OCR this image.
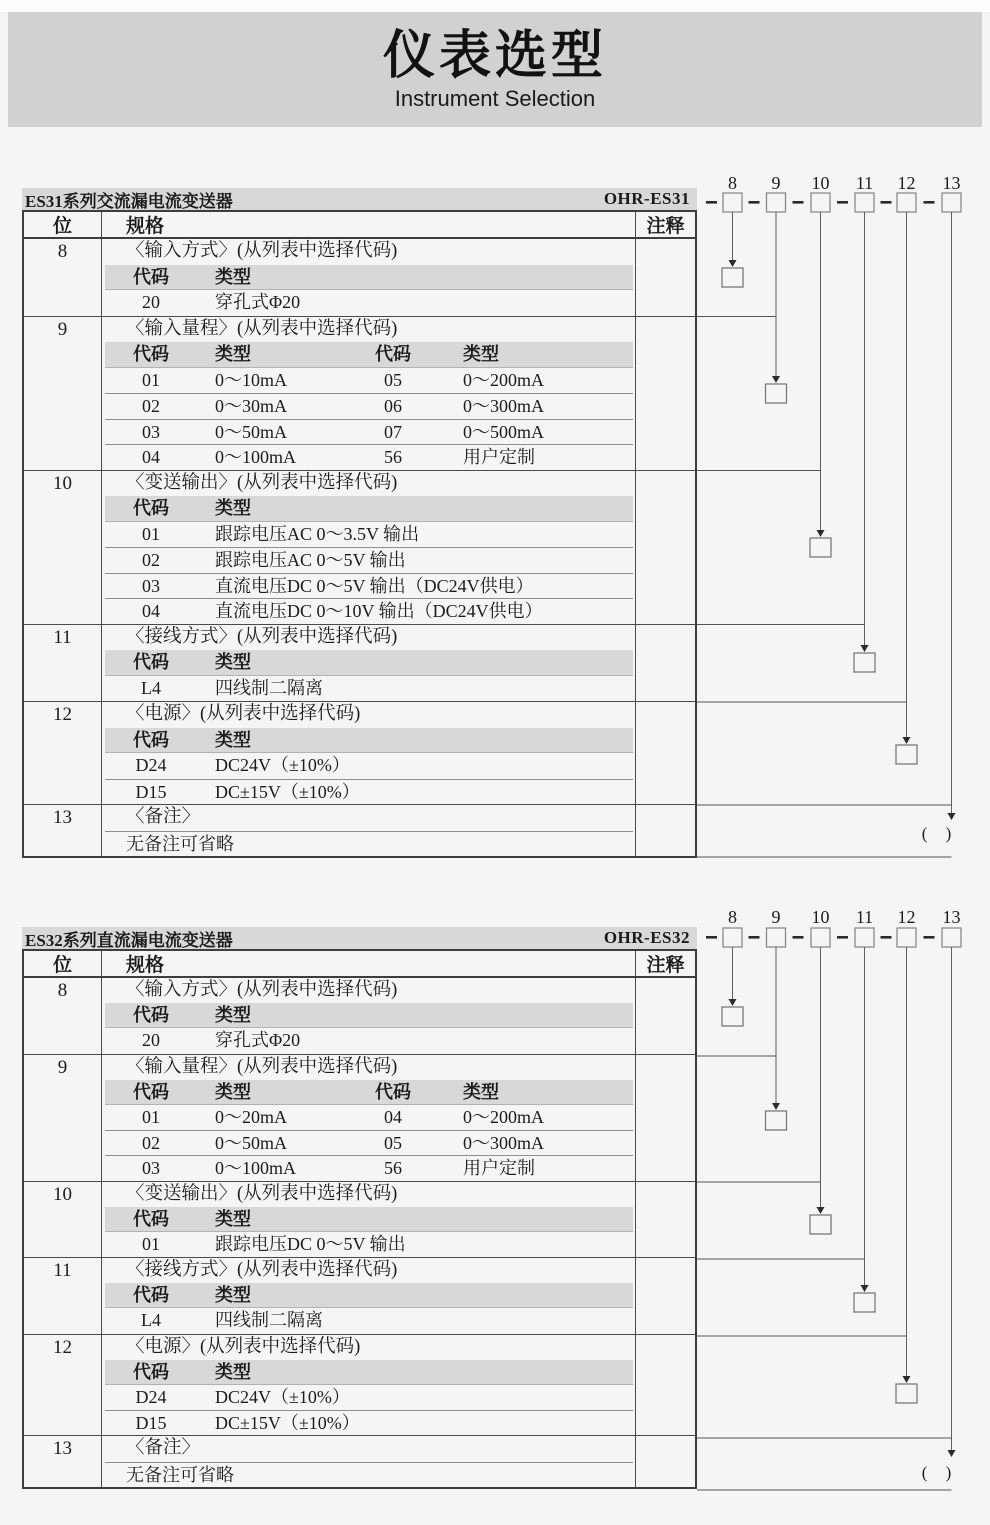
仪表选型
Instrument Selection
ES31系列交流漏电流变送器	OHR-ES31
位	规格	注释
8	〈输入方式〉(从列表中选择代码)
代码	类型
20	穿孔式Φ20
9	〈输入量程〉(从列表中选择代码)
代码	类型	代码	类型
01	0～10mA	05	0～200mA
02	0～30mA	06	0～300mA
03	0～50mA	07	0～500mA
04	0～100mA	56	用户定制
10	〈变送输出〉(从列表中选择代码)
代码	类型
01	跟踪电压AC 0～3.5V 输出
02	跟踪电压AC 0～5V 输出
03	直流电压DC 0～5V 输出（DC24V供电）
04	直流电压DC 0～10V 输出（DC24V供电）
11	〈接线方式〉(从列表中选择代码)
代码	类型
L4	四线制二隔离
12	〈电源〉(从列表中选择代码)
代码	类型
D24	DC24V（±10%）
D15	DC±15V（±10%）
13	〈备注〉
无备注可省略
8 9 10 11 12 13
( )
ES32系列直流漏电流变送器	OHR-ES32
位	规格	注释
8	〈输入方式〉(从列表中选择代码)
代码	类型
20	穿孔式Φ20
9	〈输入量程〉(从列表中选择代码)
代码	类型	代码	类型
01	0～20mA	04	0～200mA
02	0～50mA	05	0～300mA
03	0～100mA	56	用户定制
10	〈变送输出〉(从列表中选择代码)
代码	类型
01	跟踪电压DC 0～5V 输出
11	〈接线方式〉(从列表中选择代码)
代码	类型
L4	四线制二隔离
12	〈电源〉(从列表中选择代码)
代码	类型
D24	DC24V（±10%）
D15	DC±15V（±10%）
13	〈备注〉
无备注可省略
8 9 10 11 12 13
( )
